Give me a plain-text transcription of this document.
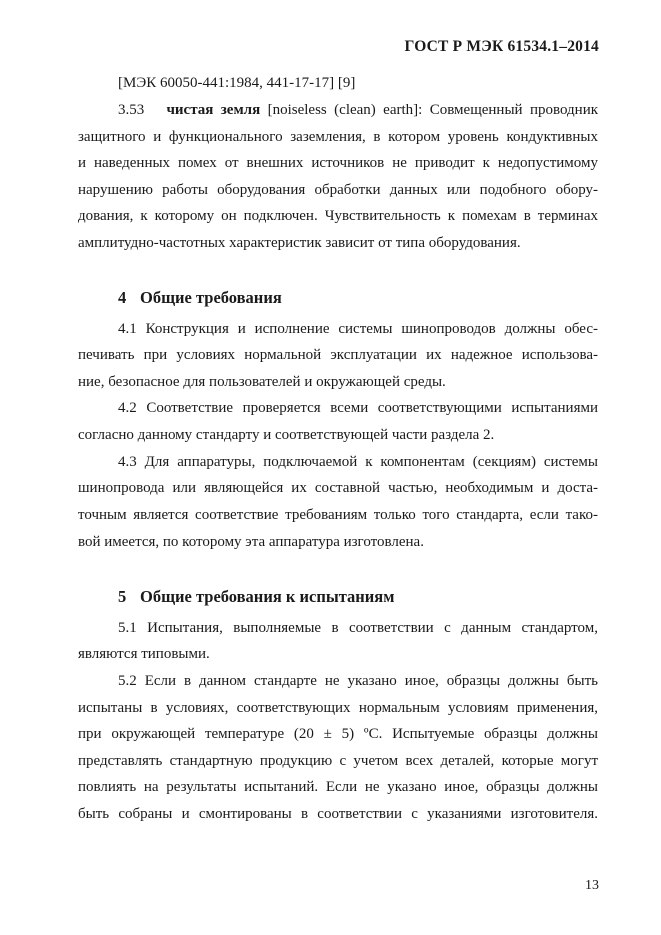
ГОСТ Р МЭК 61534.1–2014
[МЭК 60050-441:1984, 441-17-17] [9]
3.53 чистая земля [noiseless (clean) earth]: Совмещенный проводник
защитного и функционального заземления, в котором уровень кондуктивных
и наведенных помех от внешних источников не приводит к недопустимому
нарушению работы оборудования обработки данных или подобного обору-
дования, к которому он подключен. Чувствительность к помехам в терминах
амплитудно-частотных характеристик зависит от типа оборудования.
4 Общие требования
4.1 Конструкция и исполнение системы шинопроводов должны обес-
печивать при условиях нормальной эксплуатации их надежное использова-
ние, безопасное для пользователей и окружающей среды.
4.2 Соответствие проверяется всеми соответствующими испытаниями
согласно данному стандарту и соответствующей части раздела 2.
4.3 Для аппаратуры, подключаемой к компонентам (секциям) системы
шинопровода или являющейся их составной частью, необходимым и доста-
точным является соответствие требованиям только того стандарта, если тако-
вой имеется, по которому эта аппаратура изготовлена.
5 Общие требования к испытаниям
5.1 Испытания, выполняемые в соответствии с данным стандартом,
являются типовыми.
5.2 Если в данном стандарте не указано иное, образцы должны быть
испытаны в условиях, соответствующих нормальным условиям применения,
при окружающей температуре (20 ± 5) ºС. Испытуемые образцы должны
представлять стандартную продукцию с учетом всех деталей, которые могут
повлиять на результаты испытаний. Если не указано иное, образцы должны
быть собраны и смонтированы в соответствии с указаниями изготовителя.
13
